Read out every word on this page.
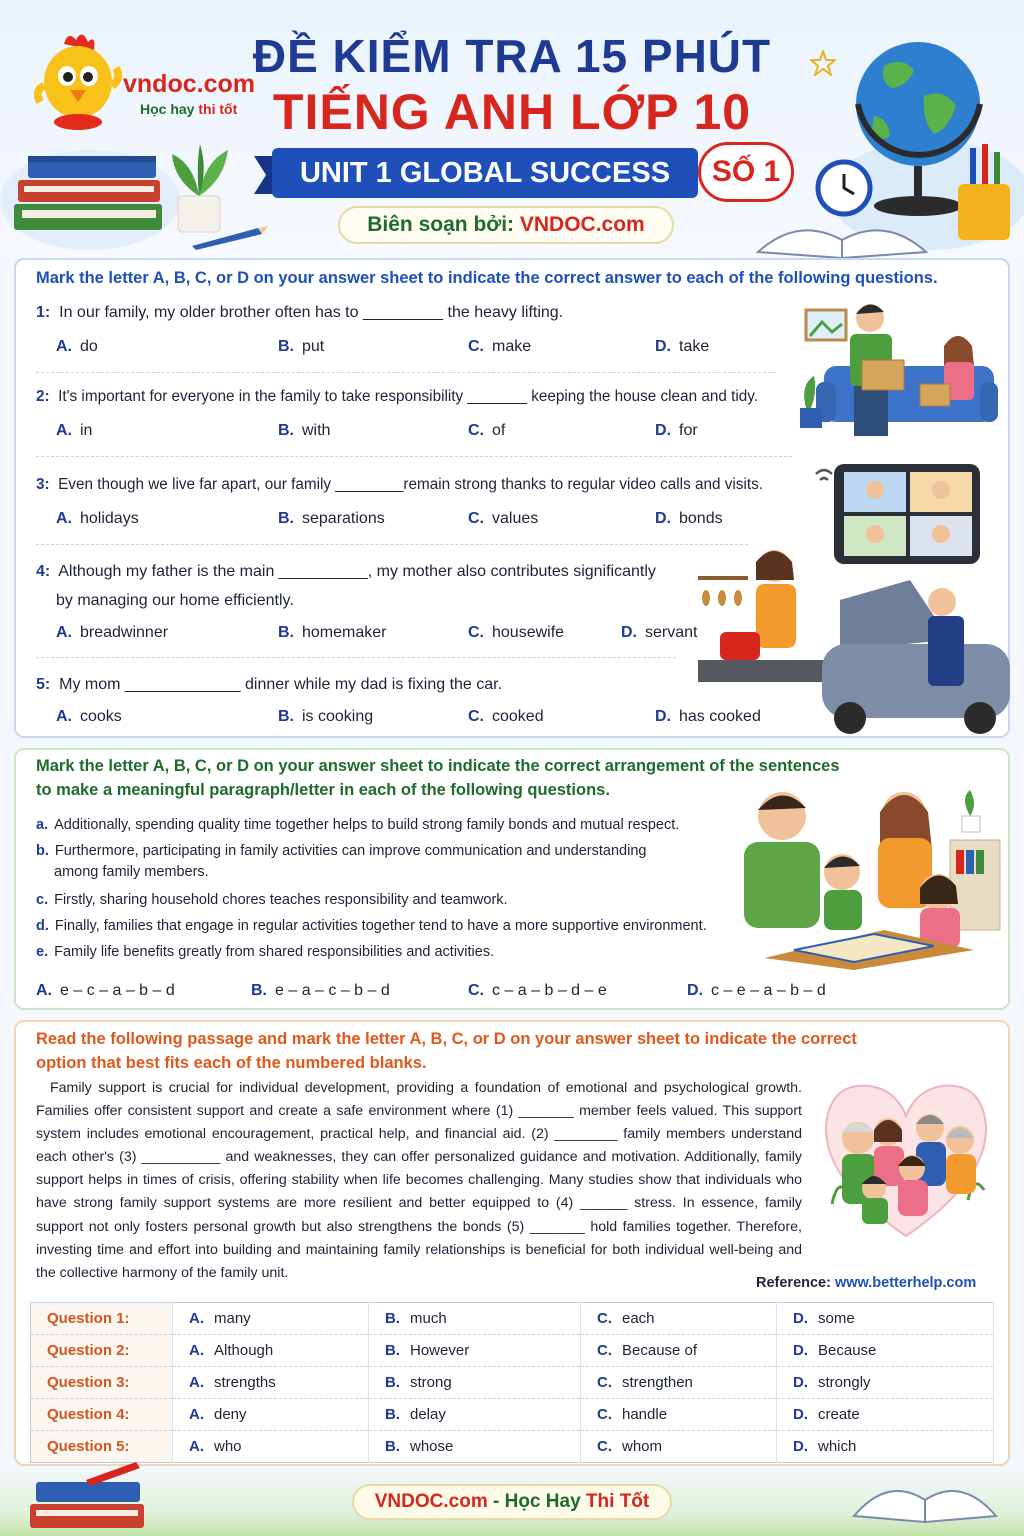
vndoc.com
Học hay thi tốt
ĐỀ KIỂM TRA 15 PHÚT
TIẾNG ANH LỚP 10
UNIT 1 GLOBAL SUCCESS	SỐ 1
Biên soạn bởi: VNDOC.com
Mark the letter A, B, C, or D on your answer sheet to indicate the correct answer to each of the following questions.
1: In our family, my older brother often has to _________ the heavy lifting.
A. do	B. put	C. make	D. take
2: It's important for everyone in the family to take responsibility _______ keeping the house clean and tidy.
A. in	B. with	C. of	D. for
3: Even though we live far apart, our family ________remain strong thanks to regular video calls and visits.
A. holidays	B. separations	C. values	D. bonds
4: Although my father is the main __________, my mother also contributes significantly
by managing our home efficiently.
A. breadwinner	B. homemaker	C. housewife	D. servant
5: My mom _____________ dinner while my dad is fixing the car.
A. cooks	B. is cooking	C. cooked	D. has cooked
Mark the letter A, B, C, or D on your answer sheet to indicate the correct arrangement of the sentences
to make a meaningful paragraph/letter in each of the following questions.
a. Additionally, spending quality time together helps to build strong family bonds and mutual respect.
b. Furthermore, participating in family activities can improve communication and understanding
among family members.
c. Firstly, sharing household chores teaches responsibility and teamwork.
d. Finally, families that engage in regular activities together tend to have a more supportive environment.
e. Family life benefits greatly from shared responsibilities and activities.
A. e – c – a – b – d	B. e – a – c – b – d	C. c – a – b – d – e	D. c – e – a – b – d
Read the following passage and mark the letter A, B, C, or D on your answer sheet to indicate the correct
option that best fits each of the numbered blanks.
Family support is crucial for individual development, providing a foundation of emotional and psychological growth. Families offer consistent support and create a safe environment where (1) _______ member feels valued. This support system includes emotional encouragement, practical help, and financial aid. (2) ________ family members understand each other's (3) __________ and weaknesses, they can offer personalized guidance and motivation. Additionally, family support helps in times of crisis, offering stability when life becomes challenging. Many studies show that individuals who have strong family support systems are more resilient and better equipped to (4) ______ stress. In essence, family support not only fosters personal growth but also strengthens the bonds (5) _______ hold families together. Therefore, investing time and effort into building and maintaining family relationships is beneficial for both individual well-being and the collective harmony of the family unit.
Reference: www.betterhelp.com
Question 1:	A. many	B. much	C. each	D. some
Question 2:	A. Although	B. However	C. Because of	D. Because
Question 3:	A. strengths	B. strong	C. strengthen	D. strongly
Question 4:	A. deny	B. delay	C. handle	D. create
Question 5:	A. who	B. whose	C. whom	D. which
VNDOC.com - Học Hay Thi Tốt
